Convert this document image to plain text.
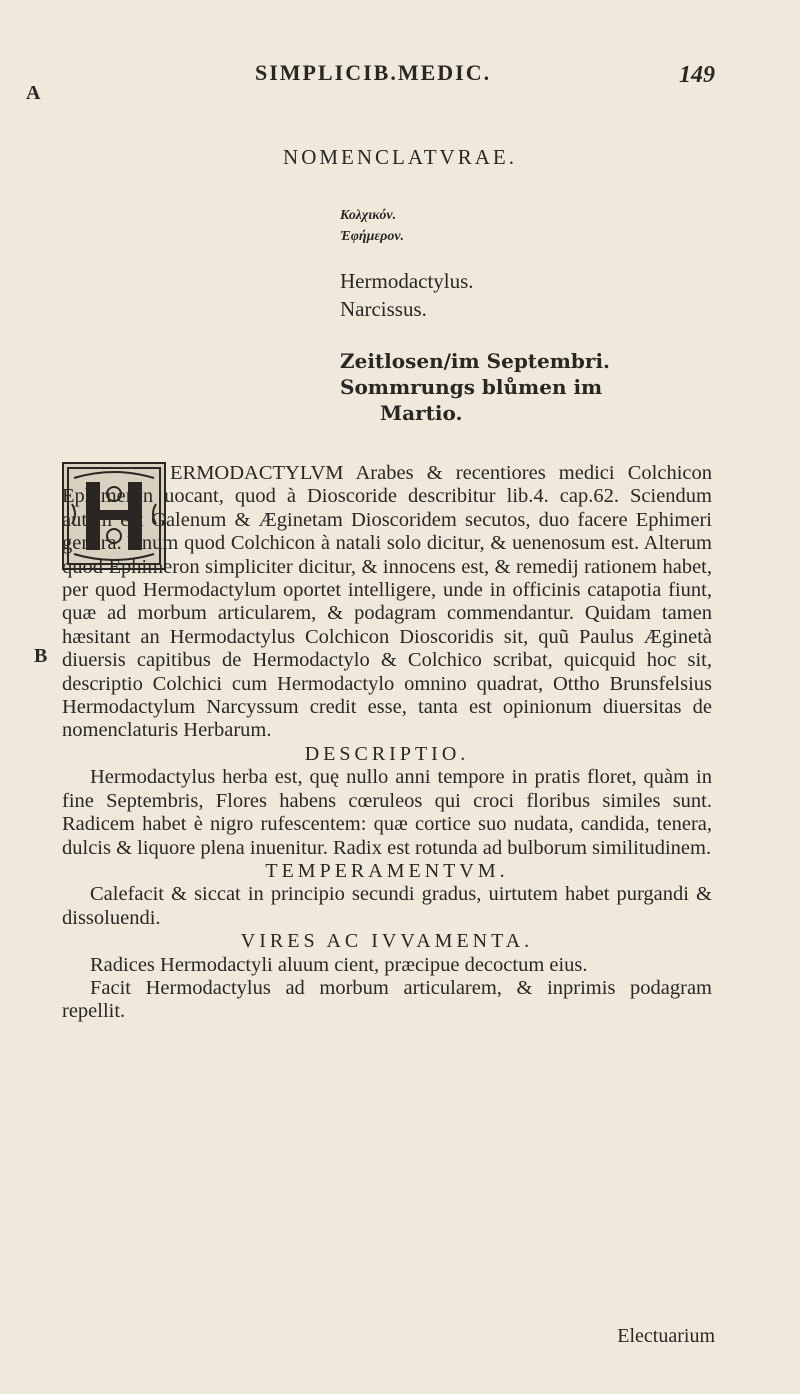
A
SIMPLICIB.MEDIC.	149
NOMENCLATVRAE.
Κολχικόν.
Ἐφήμερον.
Hermodactylus.
Narcissus.
Zeitlosen/im Septembri.
Sommrungs blůmen im
Martio.
B

ERMODACTYLVM Arabes & recentiores medici Colchicon Ephimeron uocant, quod à Dioscoride describitur lib.4. cap.62. Sciendum autem est Galenum & Æginetam Dioscoridem secutos, duo facere Ephimeri genera. Vnum quod Colchicon à natali solo dicitur, & uenenosum est. Alterum quod Ephimeron simpliciter dicitur, & innocens est, & remedij rationem habet, per quod Hermodactylum oportet intelligere, unde in officinis catapotia fiunt, quæ ad morbum articularem, & podagram commendantur. Quidam tamen hæsitant an Hermodactylus Colchicon Dioscoridis sit, quũ Paulus Æginetà diuersis capitibus de Hermodactylo & Colchico scribat, quicquid hoc sit, descriptio Colchici cum Hermodactylo omnino quadrat, Ottho Brunsfelsius Hermodactylum Narcyssum credit esse, tanta est opinionum diuersitas de nomenclaturis Herbarum.

DESCRIPTIO.

Hermodactylus herba est, quę nullo anni tempore in pratis floret, quàm in fine Septembris, Flores habens cœruleos qui croci floribus similes sunt. Radicem habet è nigro rufescentem: quæ cortice suo nudata, candida, tenera, dulcis & liquore plena inuenitur. Radix est rotunda ad bulborum similitudinem.

TEMPERAMENTVM.

Calefacit & siccat in principio secundi gradus, uirtutem habet purgandi & dissoluendi.

VIRES AC IVVAMENTA.

Radices Hermodactyli aluum cient, præcipue decoctum eius.

Facit Hermodactylus ad morbum articularem, & inprimis podagram repellit.

Electuarium
